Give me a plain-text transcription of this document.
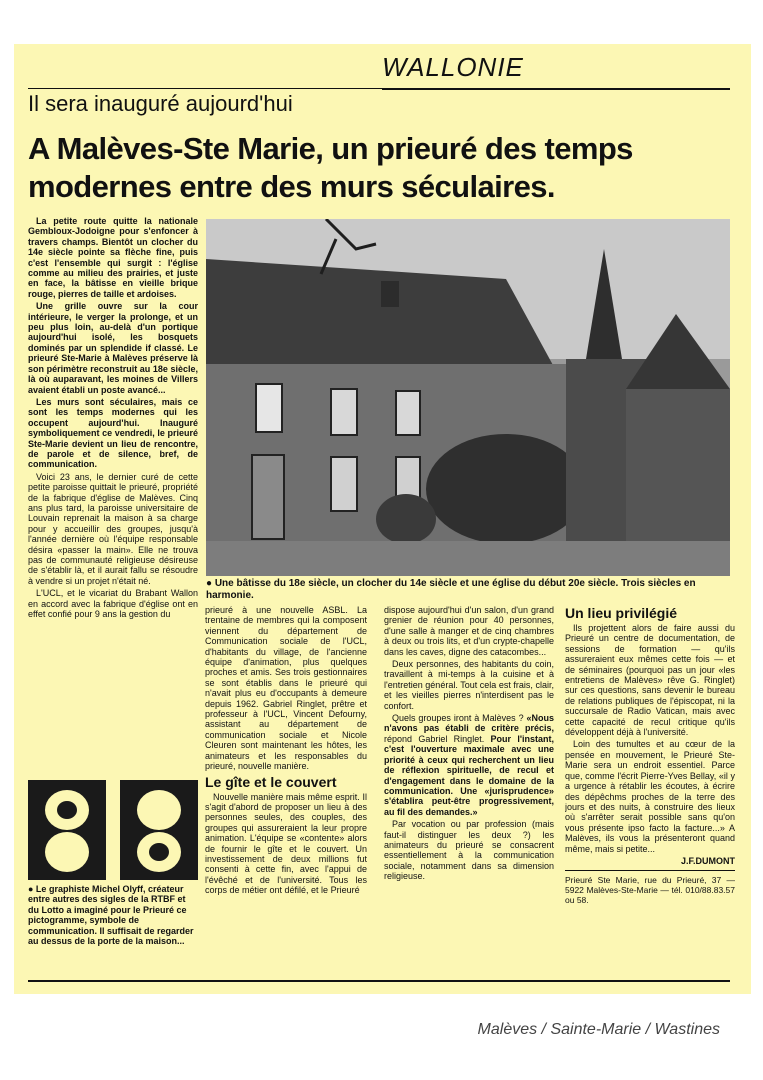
WALLONIE
Il sera inauguré aujourd'hui
A Malèves-Ste Marie, un prieuré des temps
modernes entre des murs séculaires.

La petite route quitte la nationale Gembloux-Jodoigne pour s'enfoncer à travers champs. Bientôt un clocher du 14e siècle pointe sa flèche fine, puis c'est l'ensemble qui surgit : l'église comme au milieu des prairies, et juste en face, la bâtisse en vieille brique rouge, pierres de taille et ardoises.

Une grille ouvre sur la cour intérieure, le verger la prolonge, et un peu plus loin, au-delà d'un portique aujourd'hui isolé, les bosquets dominés par un splendide if classé. Le prieuré Ste-Marie à Malèves préserve là son périmètre reconstruit au 18e siècle, là où auparavant, les moines de Villers avaient établi un poste avancé...

Les murs sont séculaires, mais ce sont les temps modernes qui les occupent aujourd'hui. Inauguré symboliquement ce vendredi, le prieuré Ste-Marie devient un lieu de rencontre, de parole et de silence, bref, de communication.

Voici 23 ans, le dernier curé de cette petite paroisse quittait le prieuré, propriété de la fabrique d'église de Malèves. Cinq ans plus tard, la paroisse universitaire de Louvain reprenait la maison à sa charge pour y accueillir des groupes, jusqu'à l'année dernière où l'équipe responsable désira «passer la main». Elle ne trouva pas de communauté religieuse désireuse de s'établir là, et il aurait fallu se résoudre à vendre si un projet n'était né.

L'UCL, et le vicariat du Brabant Wallon en accord avec la fabrique d'église ont en effet confié pour 9 ans la gestion du

● Une bâtisse du 18e siècle, un clocher du 14e siècle et une église du début 20e siècle. Trois siècles en harmonie.
● Le graphiste Michel Olyff, créateur entre autres des sigles de la RTBF et du Lotto a imaginé pour le Prieuré ce pictogramme, symbole de communication. Il suffisait de regarder au dessus de la porte de la maison...

prieuré à une nouvelle ASBL. La trentaine de membres qui la composent viennent du département de Communication sociale de l'UCL, d'habitants du village, de l'ancienne équipe d'animation, plus quelques proches et amis. Ses trois gestionnaires se sont établis dans le prieuré qui n'avait plus eu d'occupants à demeure depuis 1962. Gabriel Ringlet, prêtre et professeur à l'UCL, Vincent Defourny, assistant au département de communication sociale et Nicole Cleuren sont maintenant les hôtes, les animateurs et les responsables du prieuré, nouvelle manière.

Le gîte et le couvert

Nouvelle manière mais même esprit. Il s'agit d'abord de proposer un lieu à des personnes seules, des couples, des groupes qui assureraient la leur propre animation. L'équipe se «contente» alors de fournir le gîte et le couvert. Un investissement de deux millions fut consenti à cette fin, avec l'appui de l'évêché et de l'université. Tous les corps de métier ont défilé, et le Prieuré

dispose aujourd'hui d'un salon, d'un grand grenier de réunion pour 40 personnes, d'une salle à manger et de cinq chambres à deux ou trois lits, et d'un crypte-chapelle dans les caves, digne des catacombes...

Deux personnes, des habitants du coin, travaillent à mi-temps à la cuisine et à l'entretien général. Tout cela est frais, clair, et les vieilles pierres n'interdisent pas le confort.

Quels groupes iront à Malèves ? «Nous n'avons pas établi de critère précis, répond Gabriel Ringlet. Pour l'instant, c'est l'ouverture maximale avec une priorité à ceux qui recherchent un lieu de réflexion spirituelle, de recul et d'engagement dans le domaine de la communication. Une «jurisprudence» s'établira peut-être progressivement, au fil des demandes.»

Par vocation ou par profession (mais faut-il distinguer les deux ?) les animateurs du prieuré se consacrent essentiellement à la communication sociale, notamment dans sa dimension religieuse.

Un lieu privilégié

Ils projettent alors de faire aussi du Prieuré un centre de documentation, de sessions de formation — qu'ils assureraient eux mêmes cette fois — et de séminaires (pourquoi pas un jour «les entretiens de Malèves» rêve G. Ringlet) sur ces questions, sans devenir le bureau de relations publiques de l'épiscopat, ni la succursale de Radio Vatican, mais avec cette capacité de recul critique qu'ils développent déjà à l'université.

Loin des tumultes et au cœur de la pensée en mouvement, le Prieuré Ste-Marie sera un endroit essentiel. Parce que, comme l'écrit Pierre-Yves Bellay, «il y a urgence à rétablir les écoutes, à écrire des dépêchms proches de la terre des jours et des nuits, à construire des lieux où s'arrêter serait possible sans qu'on vous présente ipso facto la facture...» A Malèves, ils vous la présenteront quand même, mais si petite...

J.F.DUMONT
Prieuré Ste Marie, rue du Prieuré, 37 — 5922 Malèves-Ste-Marie — tél. 010/88.83.57 ou 58.
Malèves / Sainte-Marie / Wastines
